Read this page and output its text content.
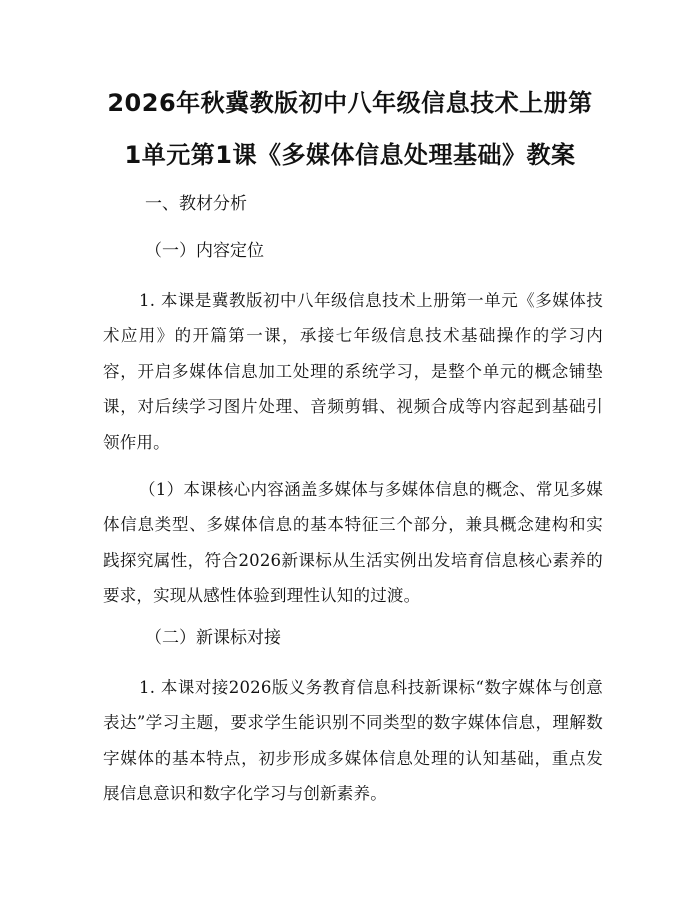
2026年秋冀教版初中八年级信息技术上册第
1单元第1课《多媒体信息处理基础》教案
一、教材分析
（一）内容定位
1. 本课是冀教版初中八年级信息技术上册第一单元《多媒体技术应用》的开篇第一课，承接七年级信息技术基础操作的学习内容，开启多媒体信息加工处理的系统学习，是整个单元的概念铺垫课，对后续学习图片处理、音频剪辑、视频合成等内容起到基础引领作用。
（1）本课核心内容涵盖多媒体与多媒体信息的概念、常见多媒体信息类型、多媒体信息的基本特征三个部分，兼具概念建构和实践探究属性，符合2026新课标从生活实例出发培育信息核心素养的要求，实现从感性体验到理性认知的过渡。
（二）新课标对接
1. 本课对接2026版义务教育信息科技新课标“数字媒体与创意表达”学习主题，要求学生能识别不同类型的数字媒体信息，理解数字媒体的基本特点，初步形成多媒体信息处理的认知基础，重点发展信息意识和数字化学习与创新素养。
